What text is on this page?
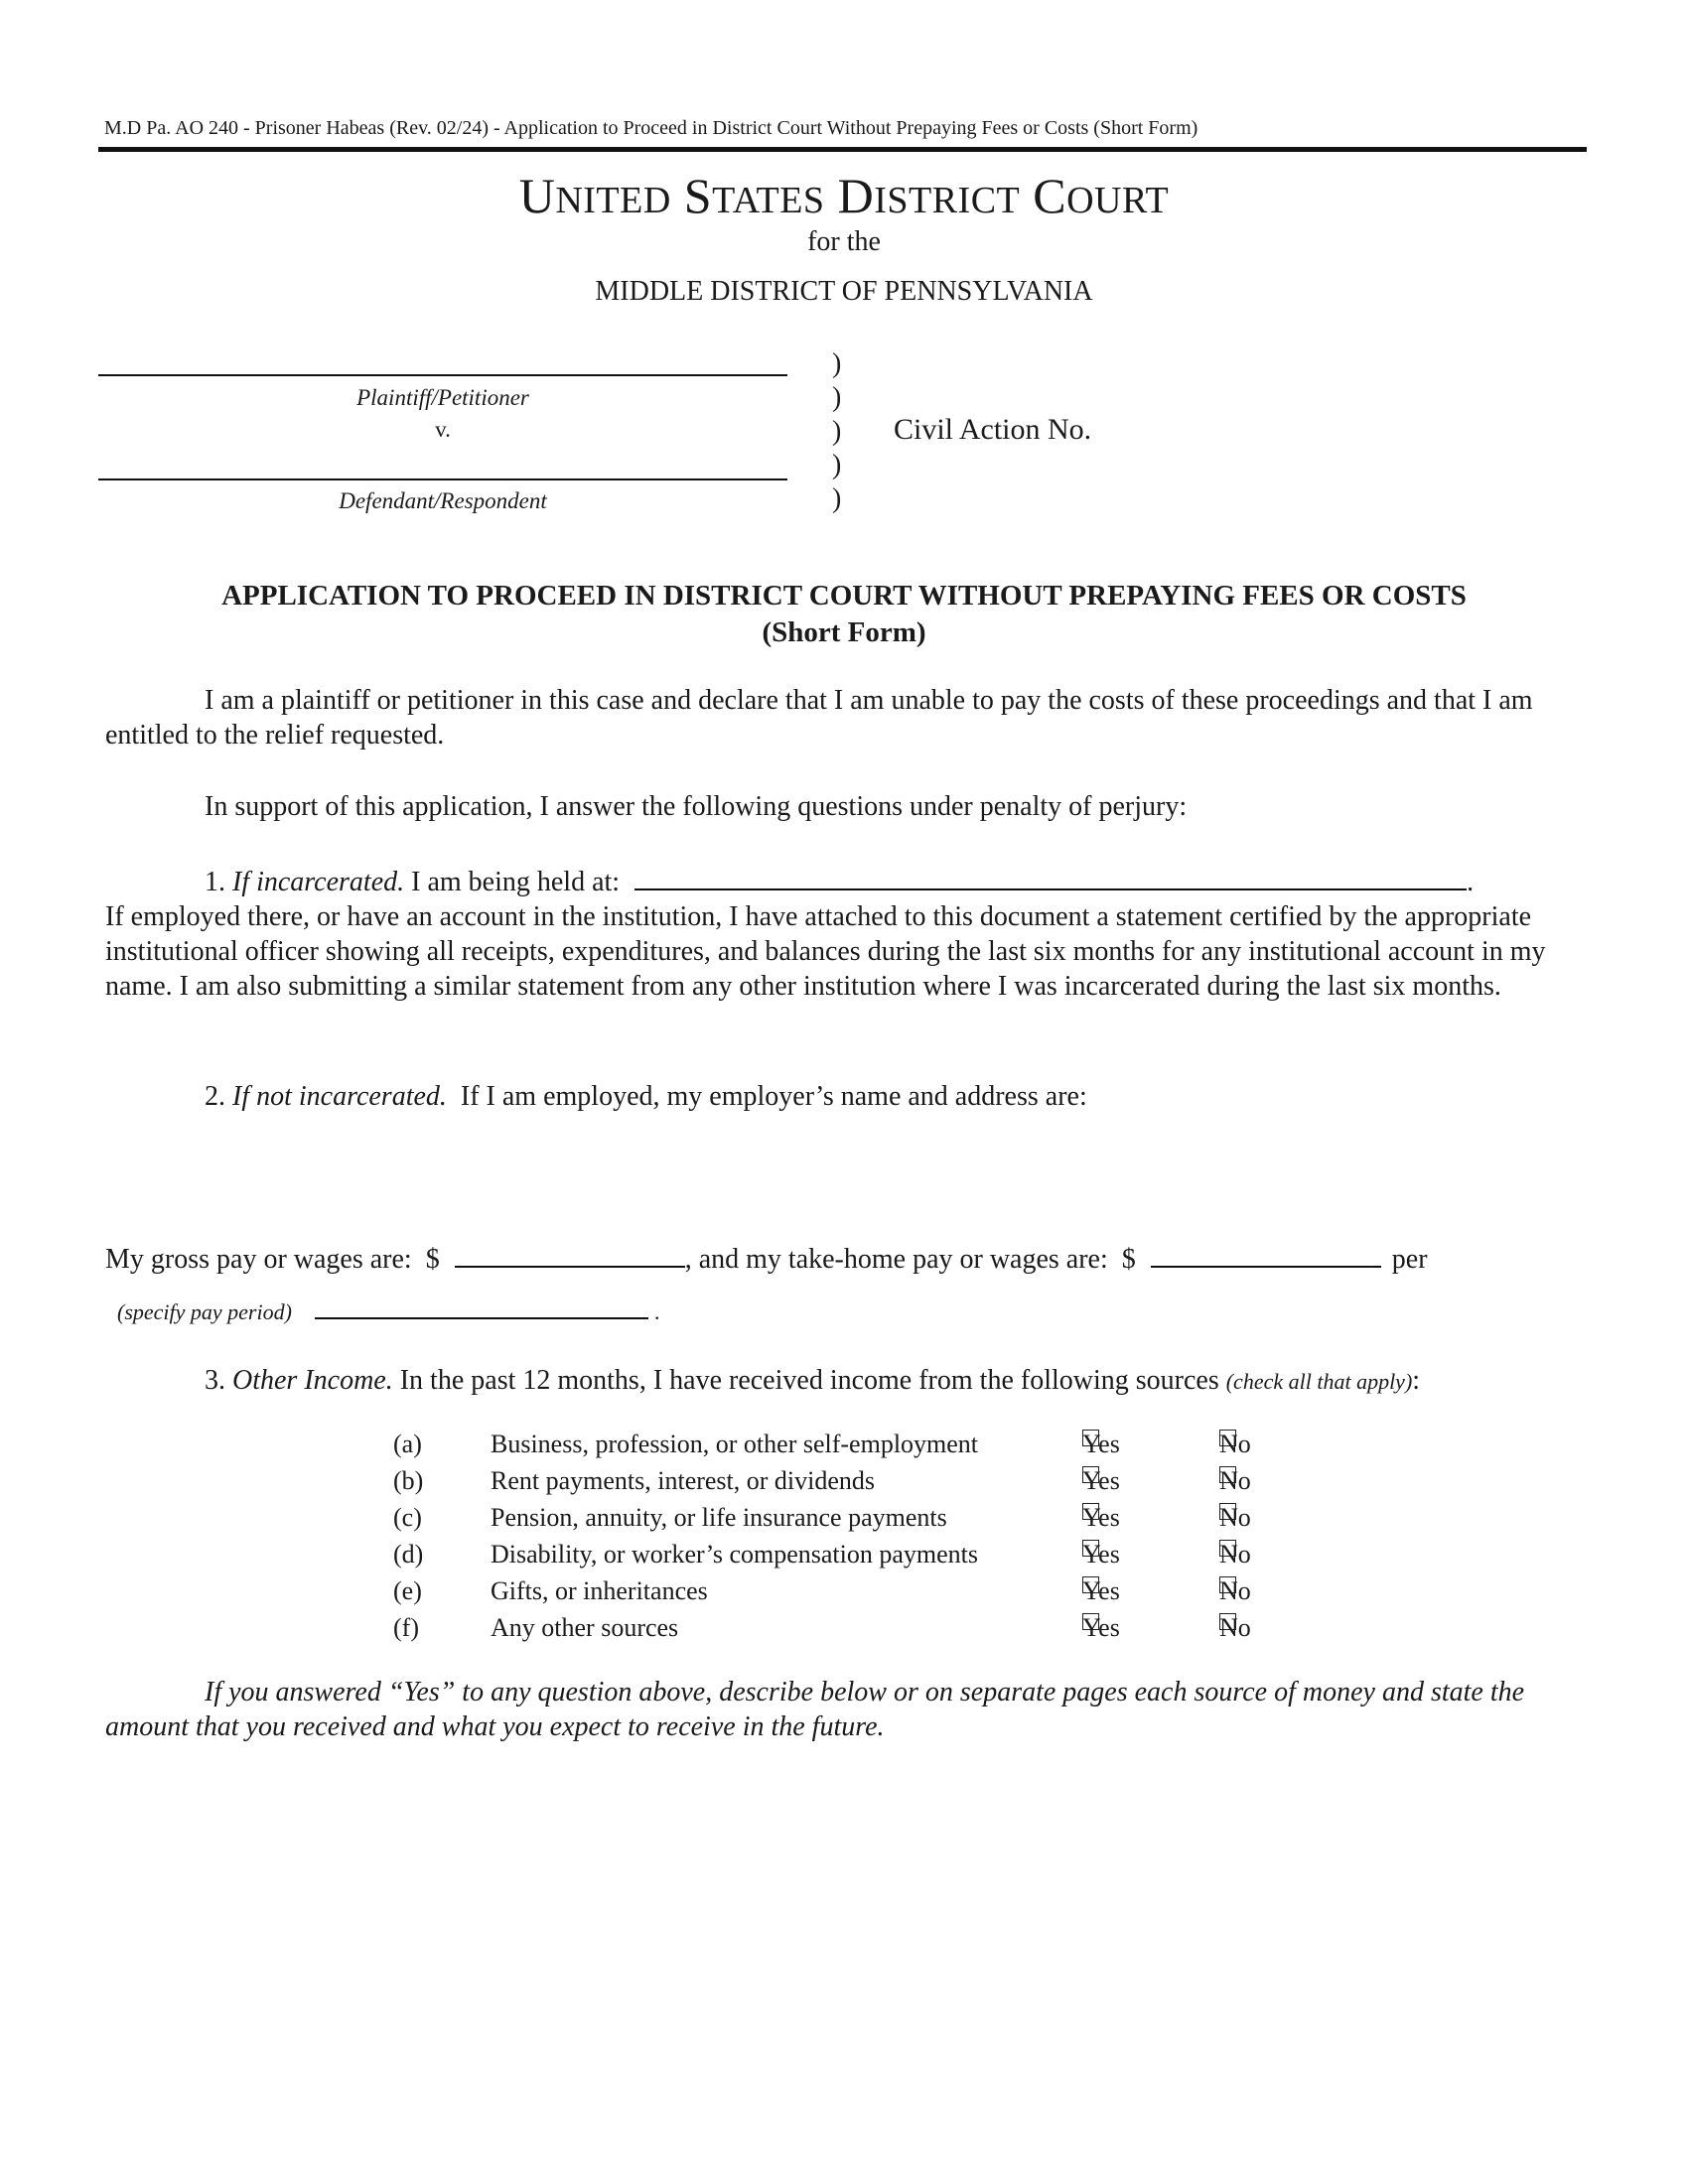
M.D Pa. AO 240 - Prisoner Habeas (Rev. 02/24) - Application to Proceed in District Court Without Prepaying Fees or Costs (Short Form)
UNITED STATES DISTRICT COURT
for the
MIDDLE DISTRICT OF PENNSYLVANIA
Plaintiff/Petitioner
v.
Defendant/Respondent
)
)
)
)
)
Civil Action No.
APPLICATION TO PROCEED IN DISTRICT COURT WITHOUT PREPAYING FEES OR COSTS
(Short Form)
I am a plaintiff or petitioner in this case and declare that I am unable to pay the costs of these proceedings and that I am entitled to the relief requested.
In support of this application, I answer the following questions under penalty of perjury:
1. If incarcerated. I am being held at:	.
If employed there, or have an account in the institution, I have attached to this document a statement certified by the appropriate institutional officer showing all receipts, expenditures, and balances during the last six months for any institutional account in my name. I am also submitting a similar statement from any other institution where I was incarcerated during the last six months.
2. If not incarcerated. If I am employed, my employer’s name and address are:
My gross pay or wages are: $	, and my take-home pay or wages are: $	per
(specify pay period)	.
3. Other Income. In the past 12 months, I have received income from the following sources (check all that apply):
(a)	Business, profession, or other self-employment	Yes	No
(b)	Rent payments, interest, or dividends	Yes	No
(c)	Pension, annuity, or life insurance payments	Yes	No
(d)	Disability, or worker’s compensation payments	Yes	No
(e)	Gifts, or inheritances	Yes	No
(f)	Any other sources	Yes	No
If you answered “Yes” to any question above, describe below or on separate pages each source of money and state the amount that you received and what you expect to receive in the future.
